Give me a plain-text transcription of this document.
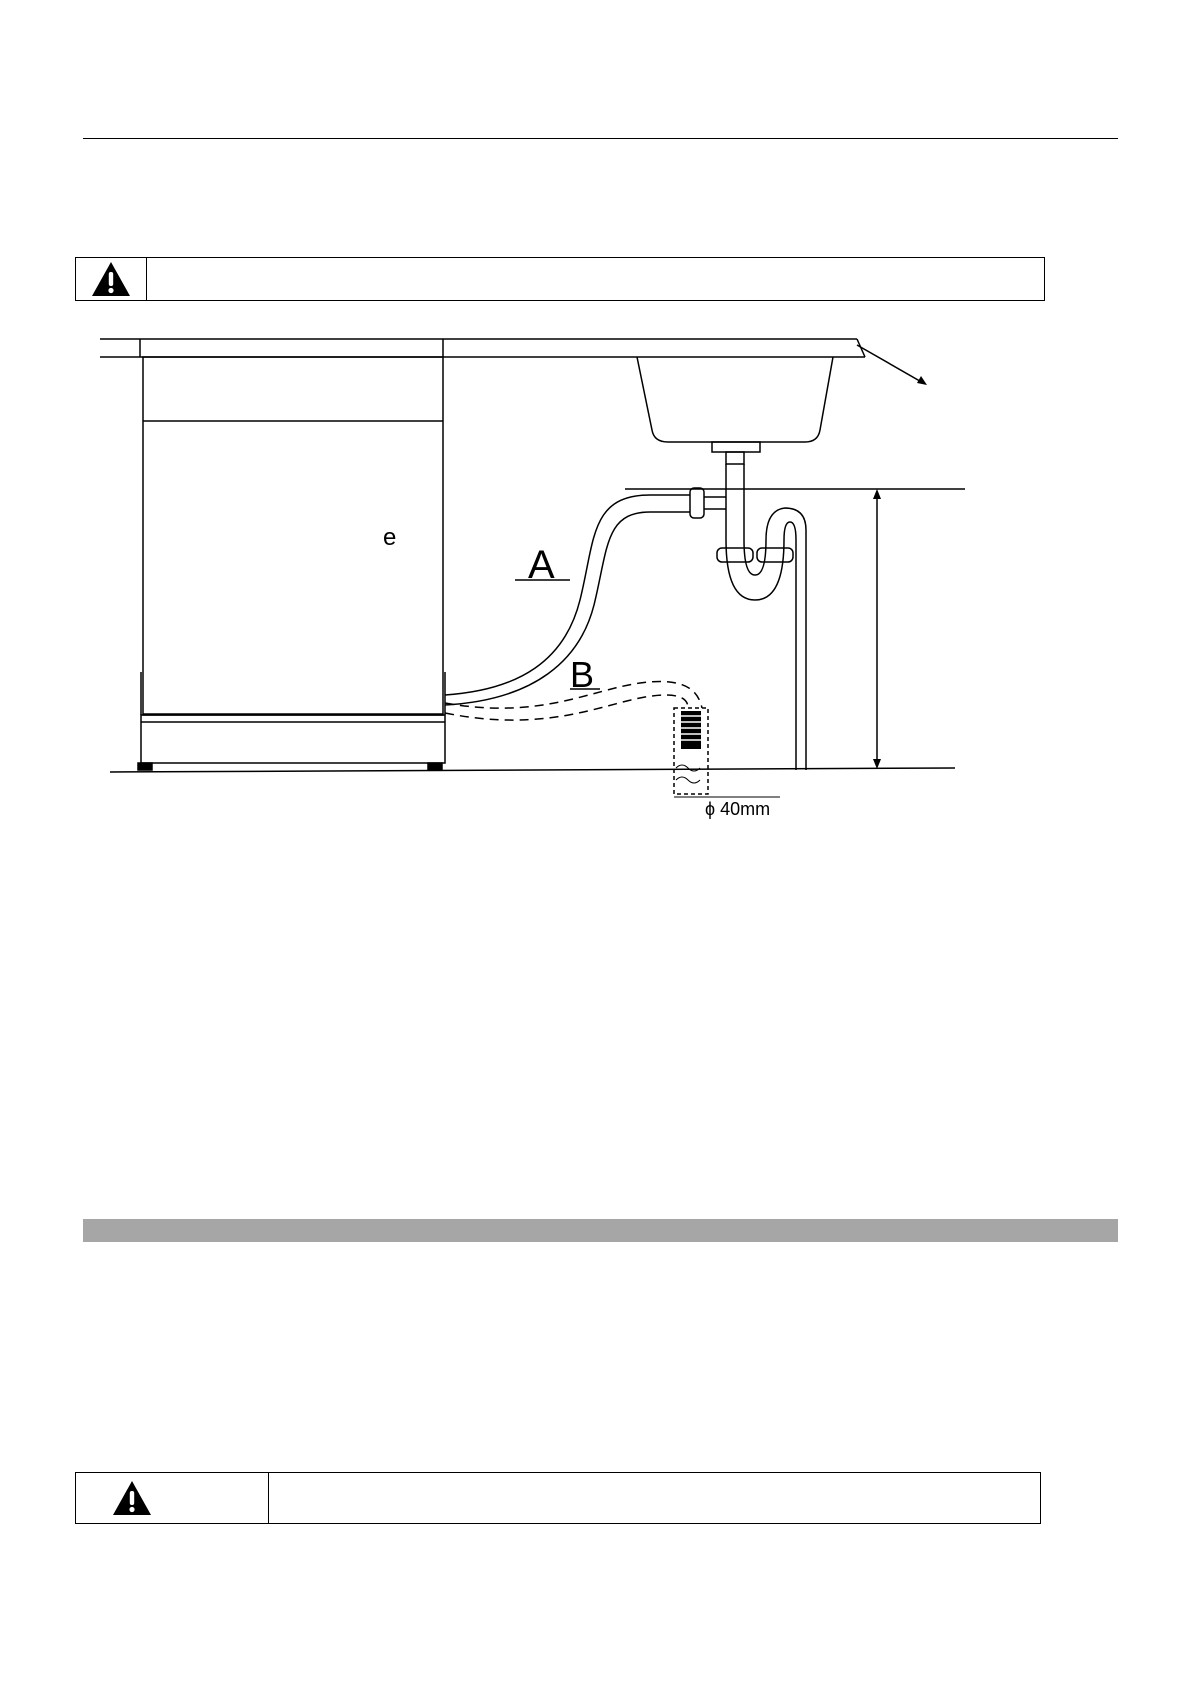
e
A
B
ϕ 40mm
